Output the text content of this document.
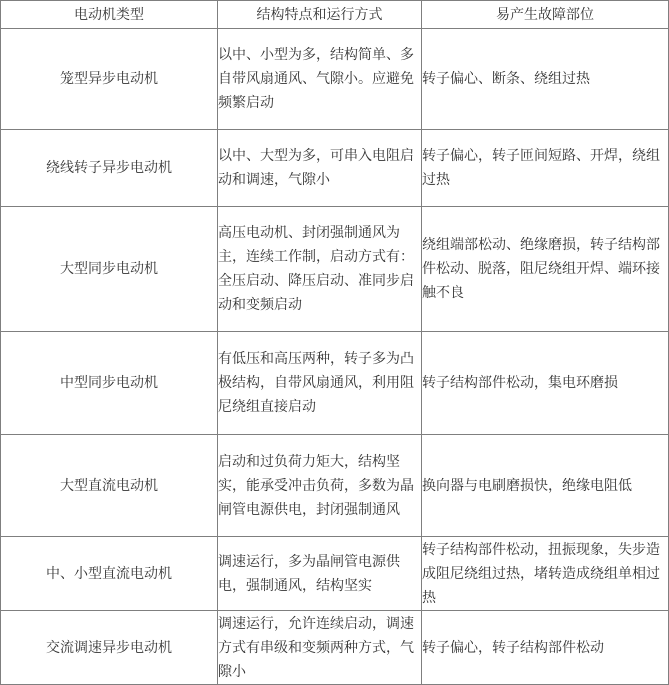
电动机类型	结构特点和运行方式	易产生故障部位
笼型异步电动机	以中、小型为多，结构简单、多自带风扇通风、气隙小。应避免频繁启动	转子偏心、断条、绕组过热
绕线转子异步电动机	以中、大型为多，可串入电阻启动和调速，气隙小	转子偏心，转子匝间短路、开焊，绕组过热
大型同步电动机	高压电动机、封闭强制通风为主，连续工作制，启动方式有：全压启动、降压启动、准同步启动和变频启动	绕组端部松动、绝缘磨损，转子结构部件松动、脱落，阻尼绕组开焊、端环接触不良
中型同步电动机	有低压和高压两种，转子多为凸极结构，自带风扇通风，利用阻尼绕组直接启动	转子结构部件松动，集电环磨损
大型直流电动机	启动和过负荷力矩大，结构坚实，能承受冲击负荷，多数为晶闸管电源供电，封闭强制通风	换向器与电刷磨损快，绝缘电阻低
中、小型直流电动机	调速运行，多为晶闸管电源供电，强制通风，结构坚实	转子结构部件松动，扭振现象，失步造成阻尼绕组过热，堵转造成绕组单相过热
交流调速异步电动机	调速运行，允许连续启动，调速方式有串级和变频两种方式，气隙小	转子偏心，转子结构部件松动
